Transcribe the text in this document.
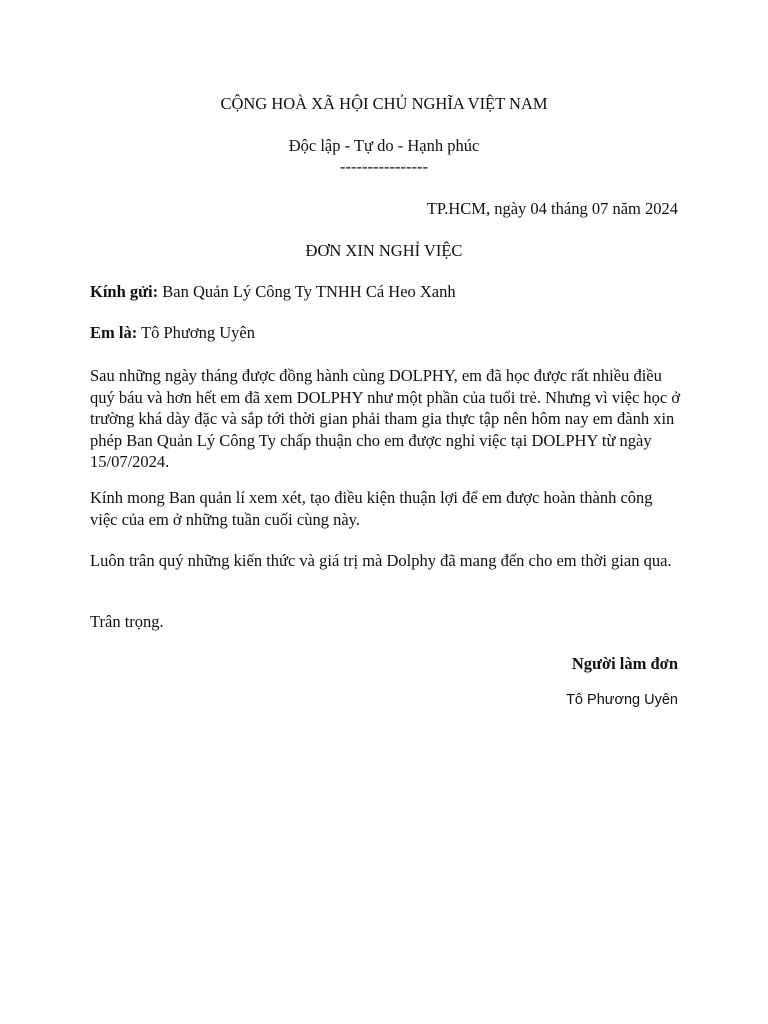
CỘNG HOÀ XÃ HỘI CHỦ NGHĨA VIỆT NAM

Độc lập - Tự do - Hạnh phúc

----------------

TP.HCM, ngày 04 tháng 07 năm 2024

ĐƠN XIN NGHỈ VIỆC

Kính gửi: Ban Quản Lý Công Ty TNHH Cá Heo Xanh

Em là: Tô Phương Uyên

Sau những ngày tháng được đồng hành cùng DOLPHY, em đã học được rất nhiều điều quý báu và hơn hết em đã xem DOLPHY như một phần của tuổi trẻ. Nhưng vì việc học ở trường khá dày đặc và sắp tới thời gian phải tham gia thực tập nên hôm nay em đành xin phép Ban Quản Lý Công Ty chấp thuận cho em được nghỉ việc tại DOLPHY từ ngày 15/07/2024.

Kính mong Ban quản lí xem xét, tạo điều kiện thuận lợi để em được hoàn thành công việc của em ở những tuần cuối cùng này.

Luôn trân quý những kiến thức và giá trị mà Dolphy đã mang đến cho em thời gian qua.

Trân trọng.

Người làm đơn

Tô Phương Uyên
